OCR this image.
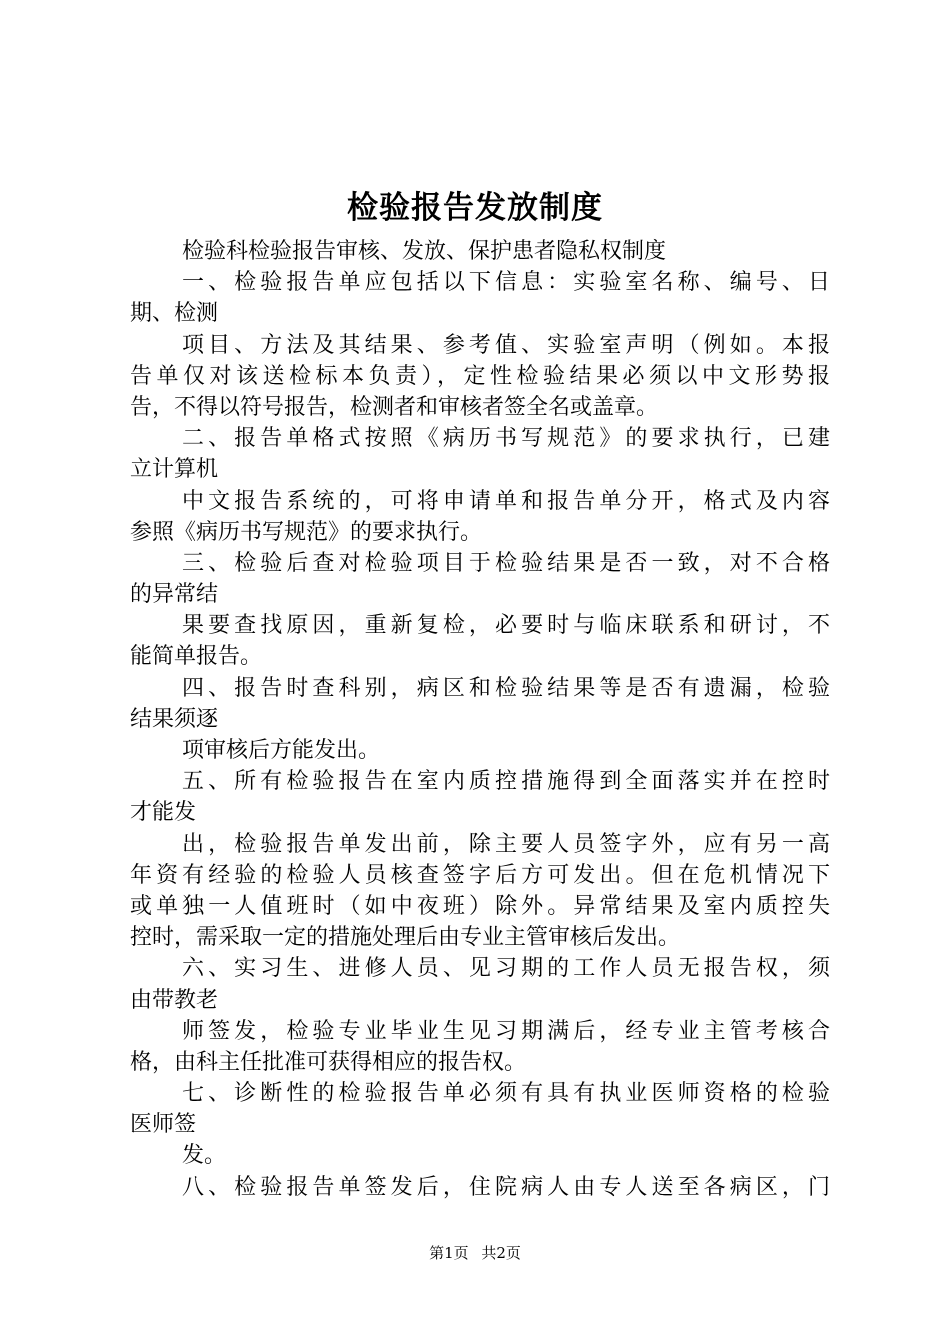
检验报告发放制度
检验科检验报告审核、发放、保护患者隐私权制度
一、检验报告单应包括以下信息：实验室名称、编号、日
期、检测
项目、方法及其结果、参考值、实验室声明（例如。本报
告单仅对该送检标本负责），定性检验结果必须以中文形势报
告，不得以符号报告，检测者和审核者签全名或盖章。
二、报告单格式按照《病历书写规范》的要求执行，已建
立计算机
中文报告系统的，可将申请单和报告单分开，格式及内容
参照《病历书写规范》的要求执行。
三、检验后查对检验项目于检验结果是否一致，对不合格
的异常结
果要查找原因，重新复检，必要时与临床联系和研讨，不
能简单报告。
四、报告时查科别，病区和检验结果等是否有遗漏，检验
结果须逐
项审核后方能发出。
五、所有检验报告在室内质控措施得到全面落实并在控时
才能发
出，检验报告单发出前，除主要人员签字外，应有另一高
年资有经验的检验人员核查签字后方可发出。但在危机情况下
或单独一人值班时（如中夜班）除外。异常结果及室内质控失
控时，需采取一定的措施处理后由专业主管审核后发出。
六、实习生、进修人员、见习期的工作人员无报告权，须
由带教老
师签发，检验专业毕业生见习期满后，经专业主管考核合
格，由科主任批准可获得相应的报告权。
七、诊断性的检验报告单必须有具有执业医师资格的检验
医师签
发。
八、检验报告单签发后，住院病人由专人送至各病区，门
第1页 共2页
